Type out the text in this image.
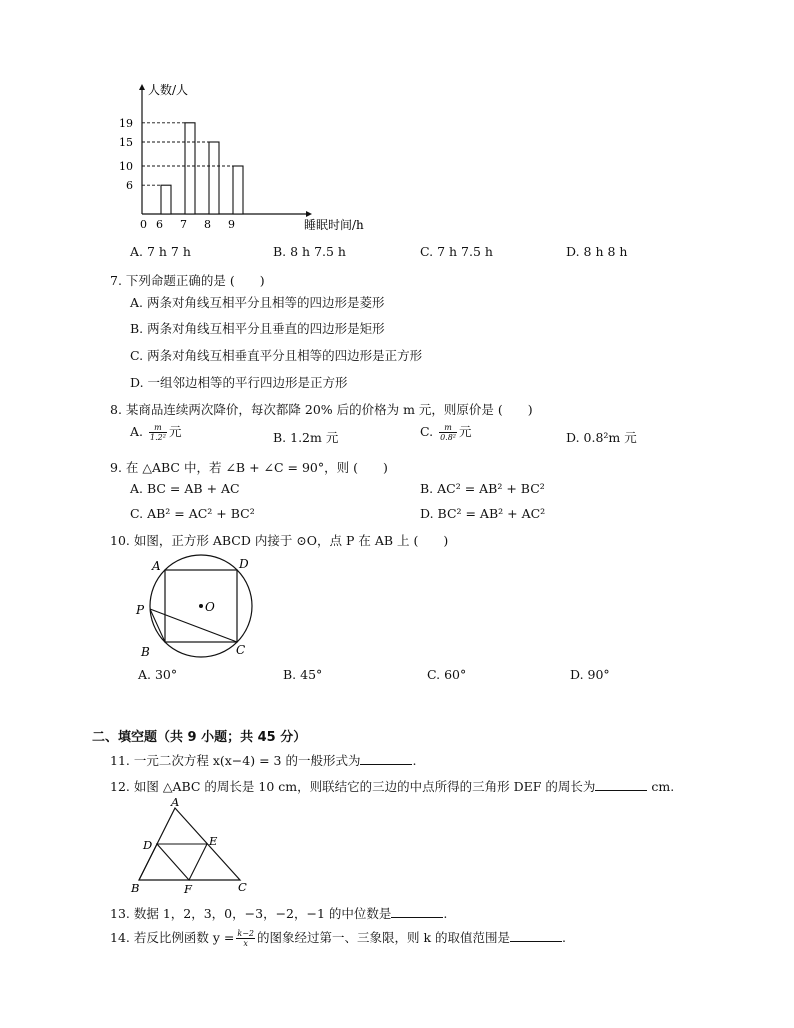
人数/人
睡眠时间/h
0 6 7 8 9
6
10
15
19
A. 7 h 7 h	B. 8 h 7.5 h	C. 7 h 7.5 h	D. 8 h 8 h
7. 下列命题正确的是 (　　)
A. 两条对角线互相平分且相等的四边形是菱形
B. 两条对角线互相平分且垂直的四边形是矩形
C. 两条对角线互相垂直平分且相等的四边形是正方形
D. 一组邻边相等的平行四边形是正方形
8. 某商品连续两次降价，每次都降 20% 后的价格为 m 元，则原价是 (　　)
A. $\frac{m}{\text{1.2²}}$ 元	B. 1.2m 元	C. $\frac{m}{\text{0.8²}}$ 元	D. 0.8²m 元
9. 在 △ABC 中，若 ∠B + ∠C = 90°，则 (　　)
A. BC = AB + AC	B. AC² = AB² + BC²
C. AB² = AC² + BC²	D. BC² = AB² + AC²
10. 如图，正方形 ABCD 内接于 ⊙O，点 P 在 AB 上 (　　)
A	D
O
P
B	C
A. 30°	B. 45°	C. 60°	D. 90°
二、填空题（共 9 小题；共 45 分）
11. 一元二次方程 x(x−4) = 3 的一般形式为	.
12. 如图 △ABC 的周长是 10 cm，则联结它的三边的中点所得的三角形 DEF 的周长为	cm.
A
D	E
B	F	C
13. 数据 1，2，3，0，−3，−2，−1 的中位数是	.
14. 若反比例函数 $y = \frac{k-2}{x}$ 的图象经过第一、三象限，则 k 的取值范围是	.
